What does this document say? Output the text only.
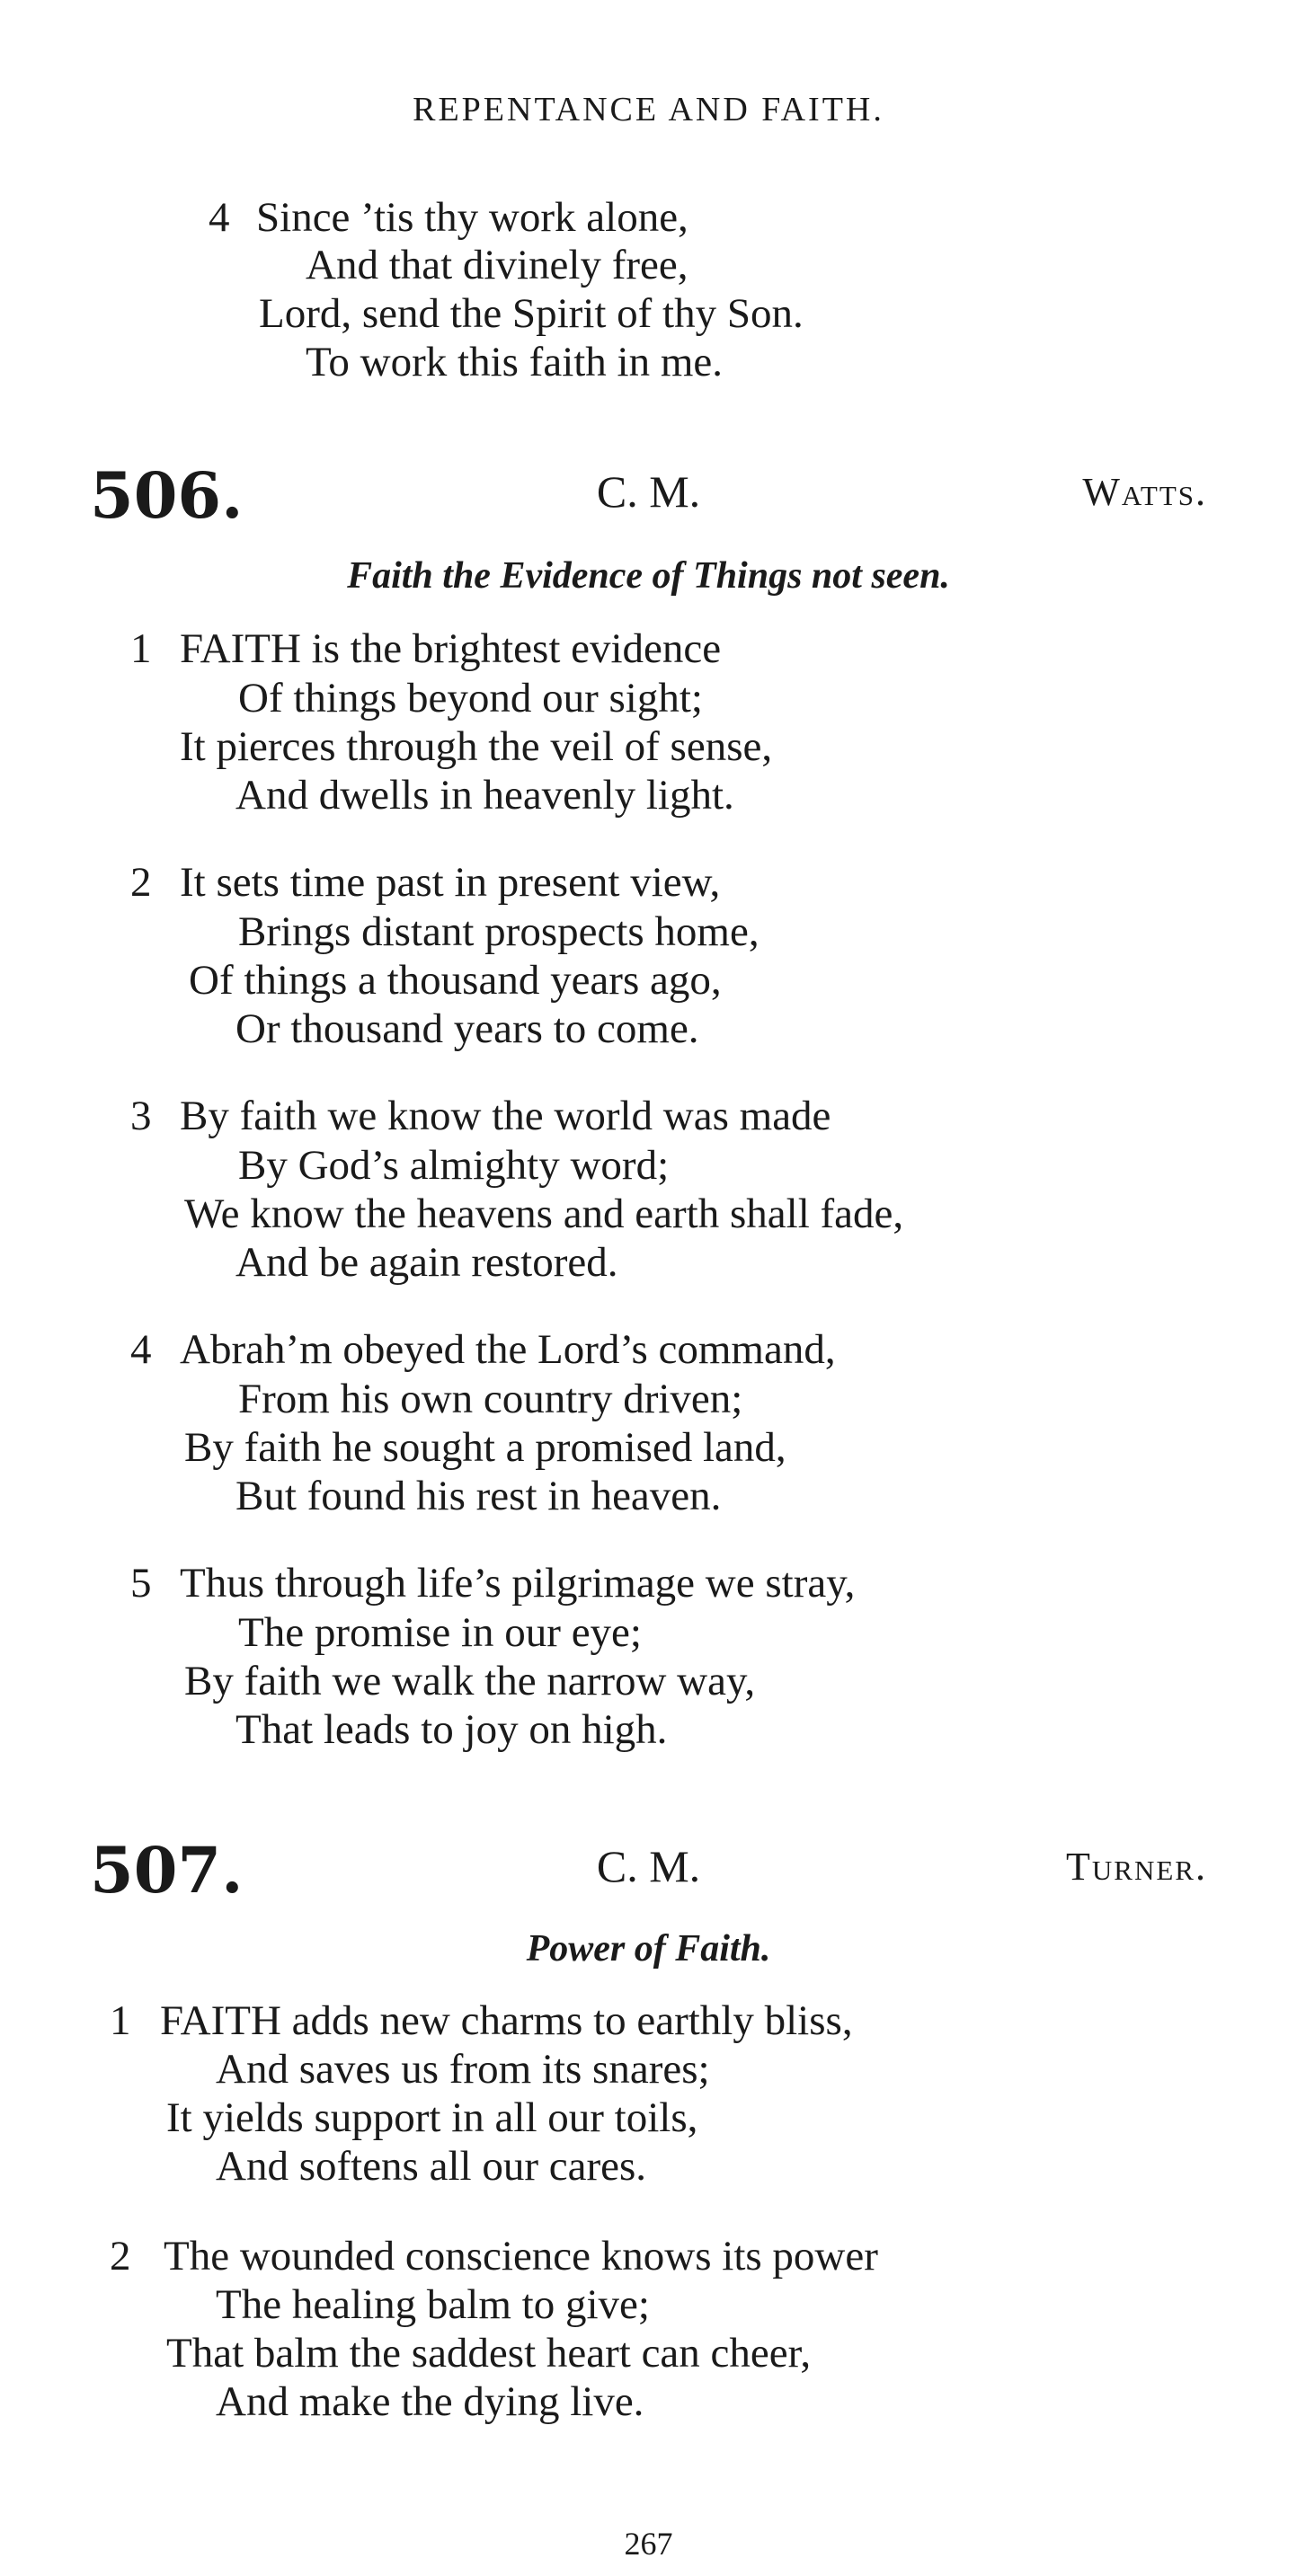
REPENTANCE AND FAITH.
4 Since ’tis thy work alone,
And that divinely free,
Lord, send the Spirit of thy Son.
To work this faith in me.
506.	C. M.	Watts.
Faith the Evidence of Things not seen.
1 FAITH is the brightest evidence
Of things beyond our sight;
It pierces through the veil of sense,
And dwells in heavenly light.
2 It sets time past in present view,
Brings distant prospects home,
Of things a thousand years ago,
Or thousand years to come.
3 By faith we know the world was made
By God’s almighty word;
We know the heavens and earth shall fade,
And be again restored.
4 Abrah’m obeyed the Lord’s command,
From his own country driven;
By faith he sought a promised land,
But found his rest in heaven.
5 Thus through life’s pilgrimage we stray,
The promise in our eye;
By faith we walk the narrow way,
That leads to joy on high.
507.	C. M.	Turner.
Power of Faith.
1 FAITH adds new charms to earthly bliss,
And saves us from its snares;
It yields support in all our toils,
And softens all our cares.
2 The wounded conscience knows its power
The healing balm to give;
That balm the saddest heart can cheer,
And make the dying live.
267
